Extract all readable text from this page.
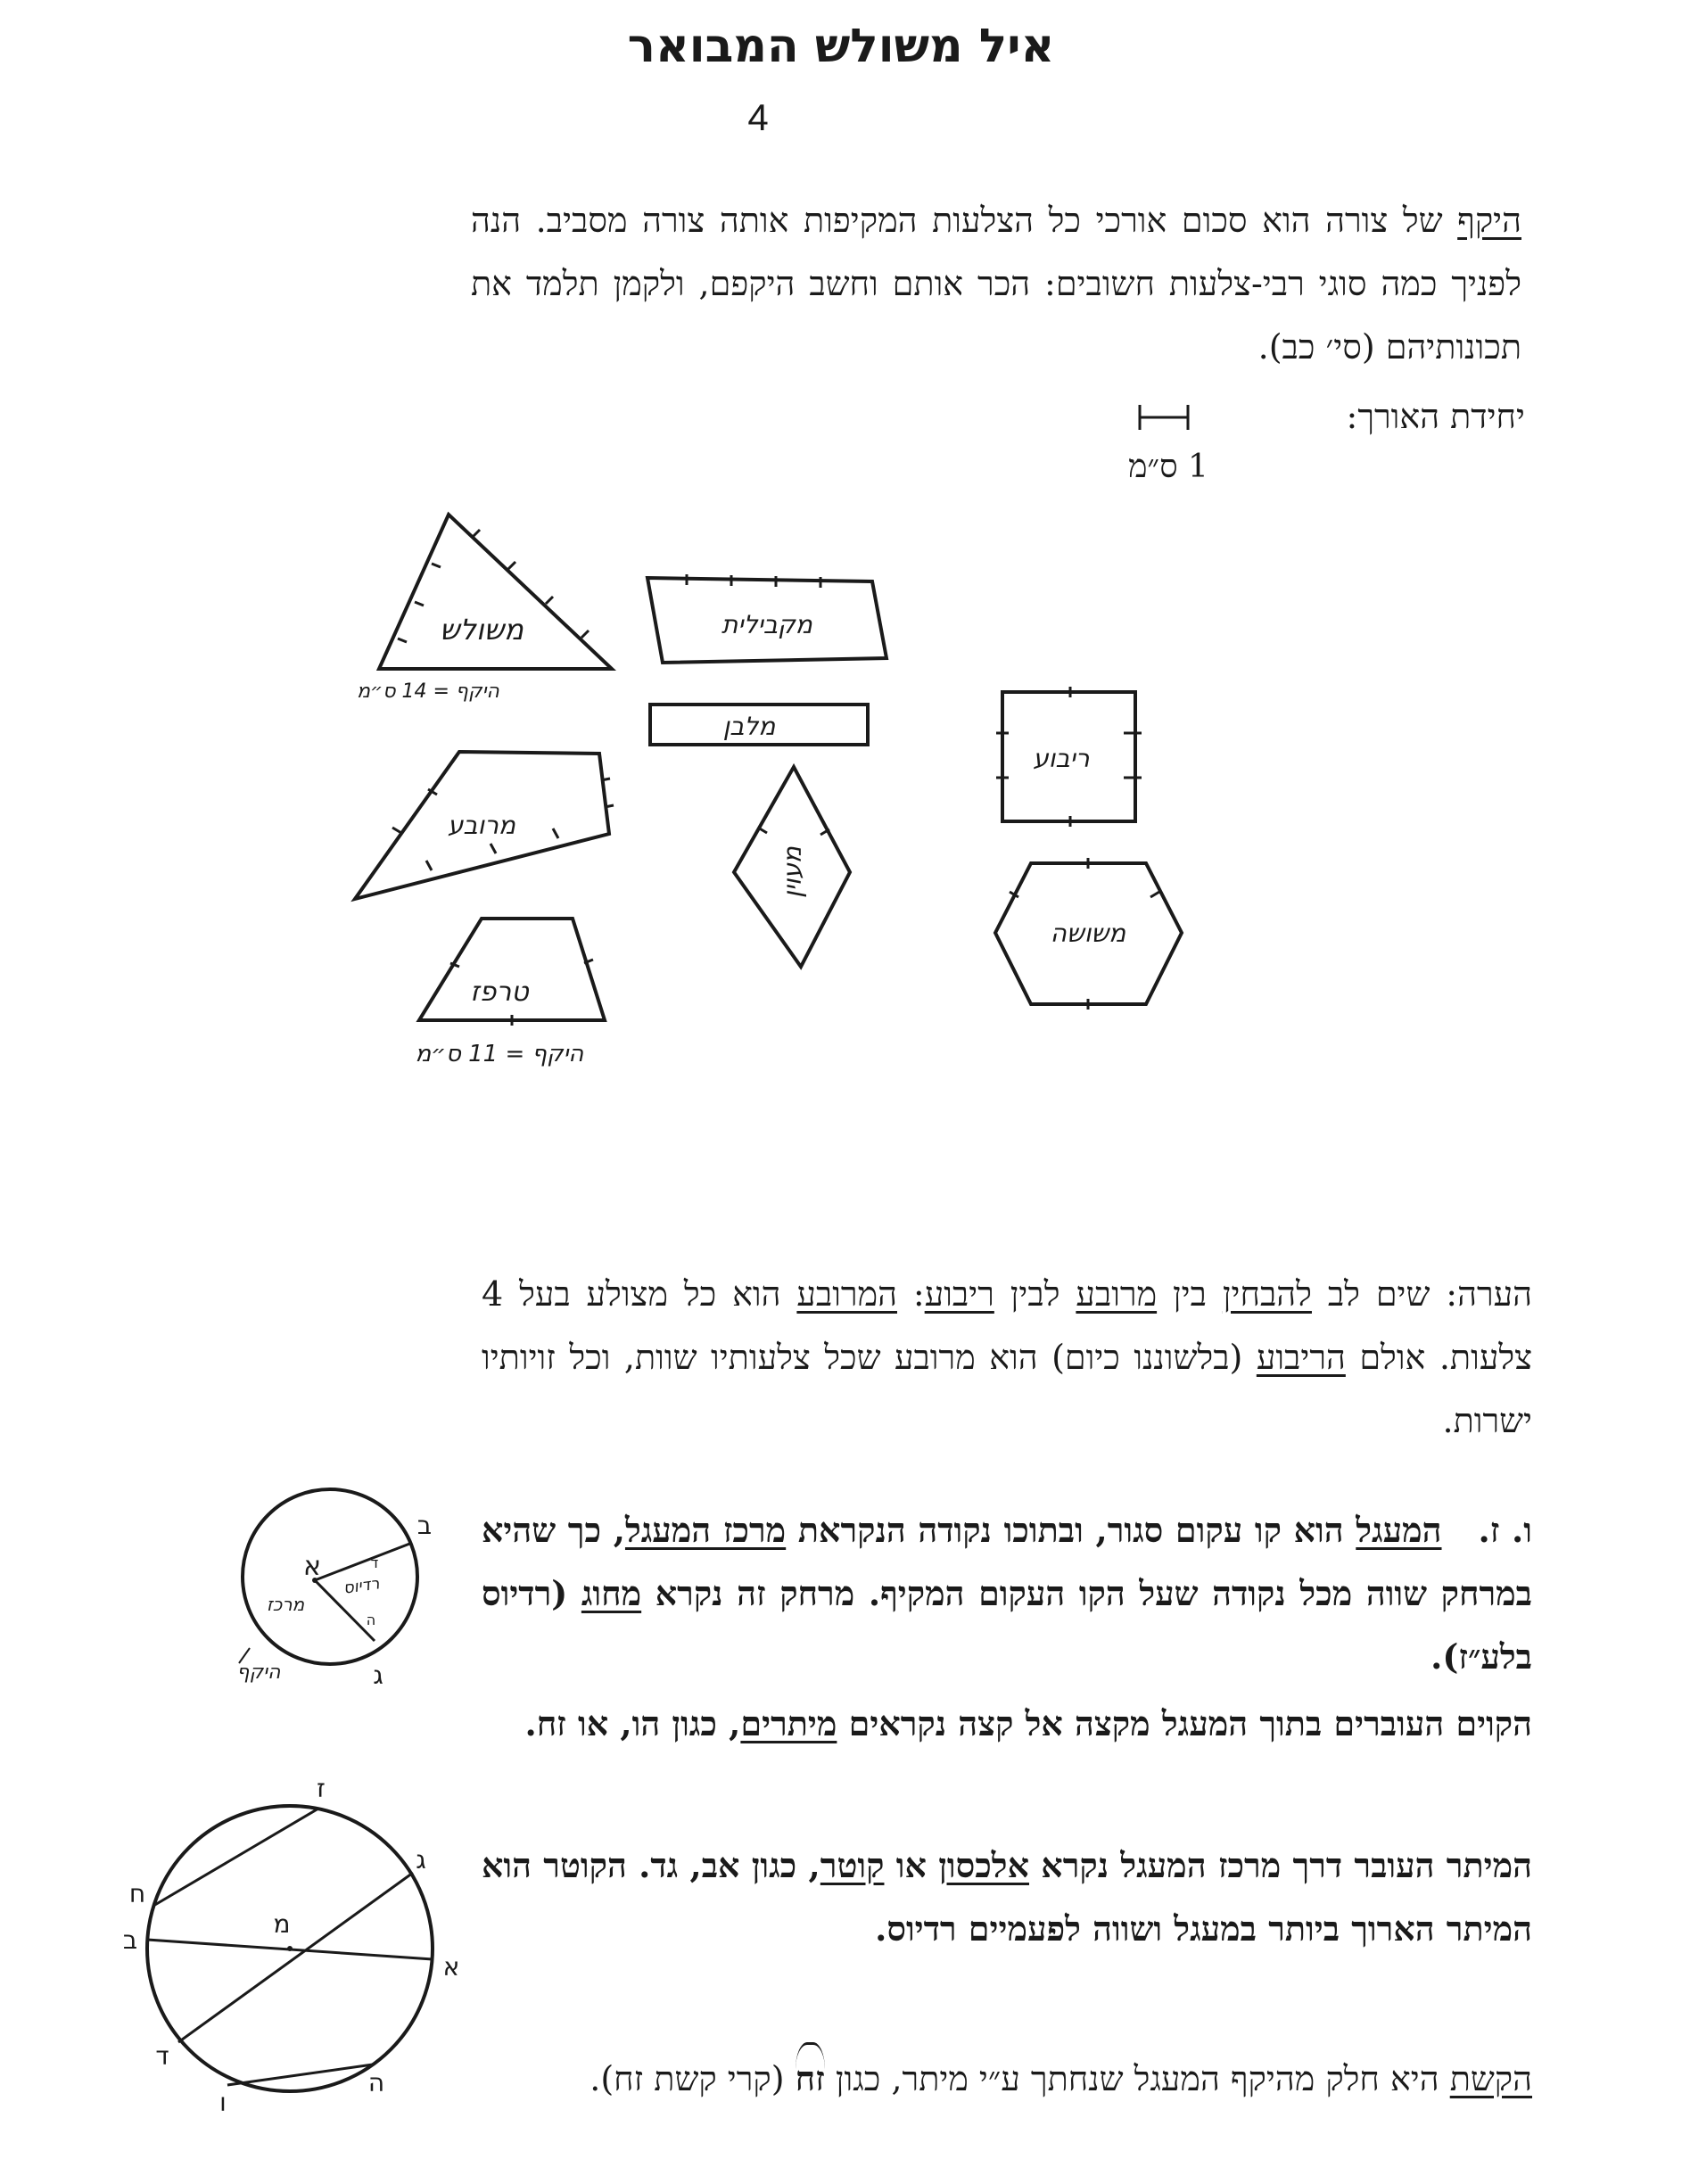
איל משולש המבואר
4
היקף של צורה הוא סכום אורכי כל הצלעות המקיפות אותה צורה מסביב. הנה לפניך כמה סוגי רבי-צלעות חשובים: הכר אותם וחשב היקפם, ולקמן תלמד את תכונותיהם (סי׳ כב).
יחידת האורך:
1 ס״מ
משולש
היקף = 14 ס״מ
מקבילית
מלבן
ריבוע
מרובע
מעוין
משושה
טרפז
היקף = 11 ס״מ
הערה: שים לב להבחין בין מרובע לבין ריבוע: המרובע הוא כל מצולע בעל 4 צלעות. אולם הריבוע (בלשוננו כיום) הוא מרובע שכל צלעותיו שוות, וכל זויותיו ישרות.
ו. ז.   המעגל הוא קו עקום סגור, ובתוכו נקודה הנקראת מרכז המעגל, כך שהיא במרחק שווה מכל נקודה שעל הקו העקום המקיף. מרחק זה נקרא מחוג (רדיוס בלע״ז).
הקוים העוברים בתוך המעגל מקצה אל קצה נקראים מיתרים, כגון הו, או זח.
המיתר העובר דרך מרכז המעגל נקרא אלכסון או קוטר, כגון אב, גד. הקוטר הוא המיתר הארוך ביותר במעגל ושווה לפעמיים רדיוס.
הקשת היא חלק מהיקף המעגל שנחתך ע״י מיתר, כגון זח (קרי קשת זח).
א
מרכז
רדיוס
ד
ה
ב
ג
היקף
ז
ג
ח
ב
מ
א
ד
ו
ה
